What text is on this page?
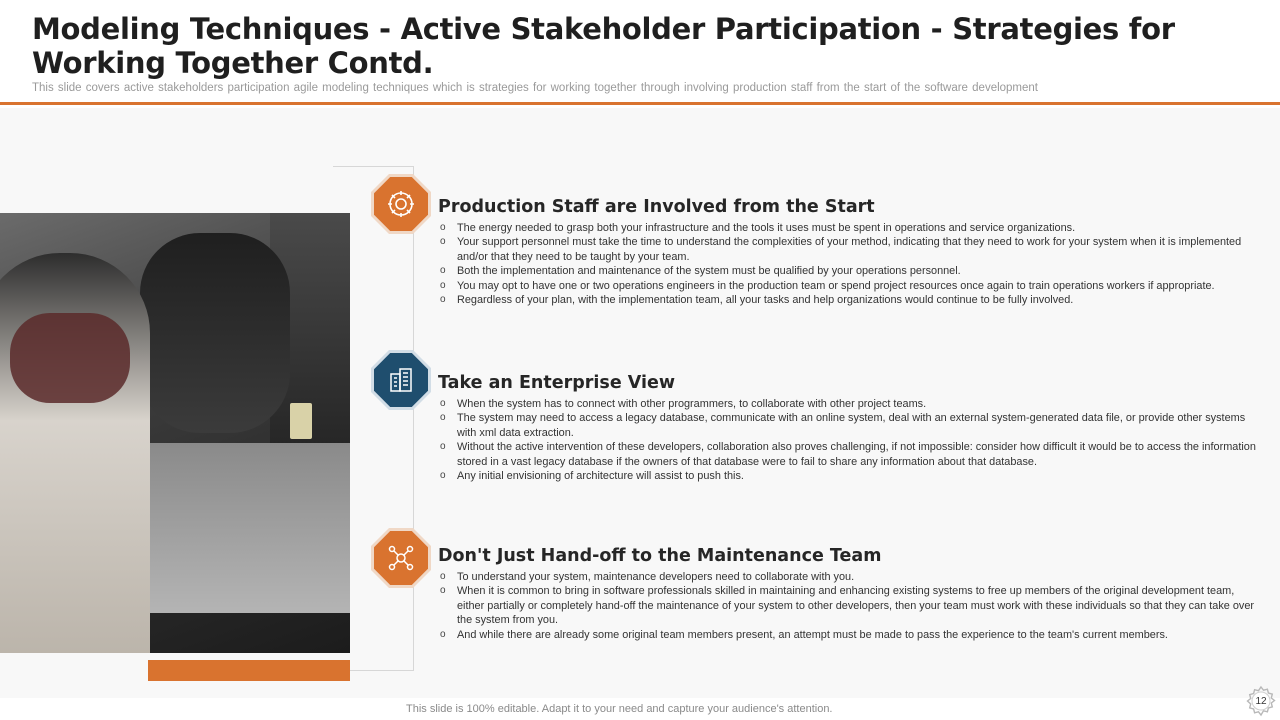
Modeling Techniques - Active Stakeholder Participation - Strategies for Working Together Contd.
This slide covers active stakeholders participation agile modeling techniques which is strategies for working together through involving production staff from the start of the software development
Production Staff are Involved from the Start
o The energy needed to grasp both your infrastructure and the tools it uses must be spent in operations and service organizations.
o Your support personnel must take the time to understand the complexities of your method, indicating that they need to work for your system when it is implemented and/or that they need to be taught by your team.
o Both the implementation and maintenance of the system must be qualified by your operations personnel.
o You may opt to have one or two operations engineers in the production team or spend project resources once again to train operations workers if appropriate.
o Regardless of your plan, with the implementation team, all your tasks and help organizations would continue to be fully involved.
Take an Enterprise View
o When the system has to connect with other programmers, to collaborate with other project teams.
o The system may need to access a legacy database, communicate with an online system, deal with an external system-generated data file, or provide other systems with xml data extraction.
o Without the active intervention of these developers, collaboration also proves challenging, if not impossible: consider how difficult it would be to access the information stored in a vast legacy database if the owners of that database were to fail to share any information about that database.
o Any initial envisioning of architecture will assist to push this.
Don't Just Hand-off to the Maintenance Team
o To understand your system, maintenance developers need to collaborate with you.
o When it is common to bring in software professionals skilled in maintaining and enhancing existing systems to free up members of the original development team, either partially or completely hand-off the maintenance of your system to other developers, then your team must work with these individuals so that they can take over the system from you.
o And while there are already some original team members present, an attempt must be made to pass the experience to the team's current members.
This slide is 100% editable. Adapt it to your need and capture your audience's attention.
12
